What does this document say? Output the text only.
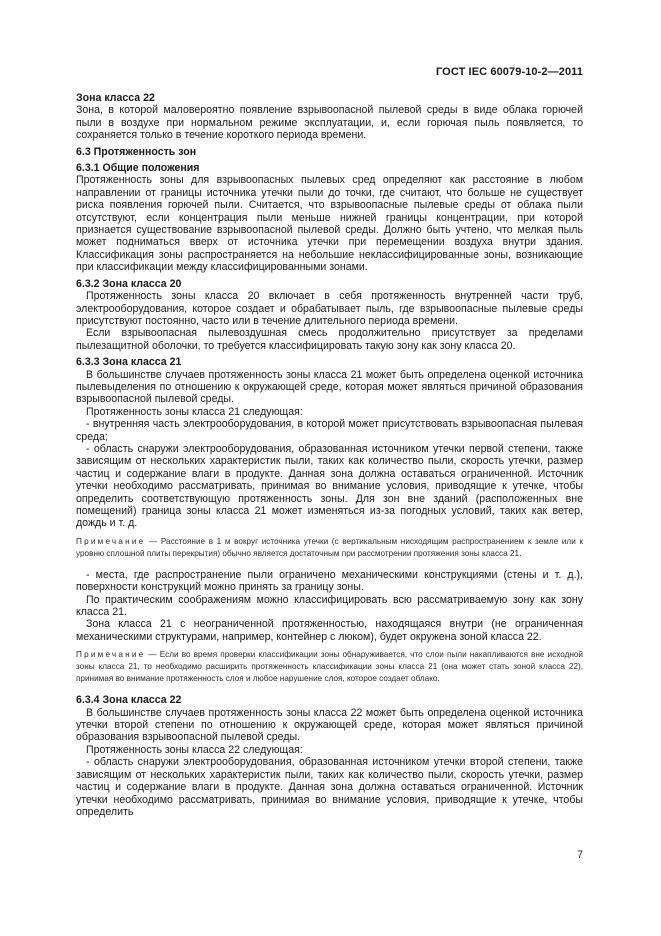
ГОСТ IEC 60079-10-2—2011
Зона класса 22

Зона, в которой маловероятно появление взрывоопасной пылевой среды в виде облака горючей пыли в воздухе при нормальном режиме эксплуатации, и, если горючая пыль появляется, то сохраняется только в течение короткого периода времени.

6.3 Протяженность зон
6.3.1 Общие положения

Протяженность зоны для взрывоопасных пылевых сред определяют как расстояние в любом направлении от границы источника утечки пыли до точки, где считают, что больше не существует риска появления горючей пыли. Считается, что взрывоопасные пылевые среды от облака пыли отсутствуют, если концентрация пыли меньше нижней границы концентрации, при которой признается существование взрывоопасной пылевой среды. Должно быть учтено, что мелкая пыль может подниматься вверх от источника утечки при перемещении воздуха внутри здания. Классификация зоны распространяется на небольшие неклассифицированные зоны, возникающие при классификации между классифицированными зонами.

6.3.2 Зона класса 20

Протяженность зоны класса 20 включает в себя протяженность внутренней части труб, электрооборудования, которое создает и обрабатывает пыль, где взрывоопасные пылевые среды присутствуют постоянно, часто или в течение длительного периода времени.

Если взрывоопасная пылевоздушная смесь продолжительно присутствует за пределами пылезащитной оболочки, то требуется классифицировать такую зону как зону класса 20.

6.3.3 Зона класса 21

В большинстве случаев протяженность зоны класса 21 может быть определена оценкой источника пылевыделения по отношению к окружающей среде, которая может являться причиной образования взрывоопасной пылевой среды.

Протяженность зоны класса 21 следующая:

- внутренняя часть электрооборудования, в которой может присутствовать взрывоопасная пылевая среда;

- область снаружи электрооборудования, образованная источником утечки первой степени, также зависящим от нескольких характеристик пыли, таких как количество пыли, скорость утечки, размер частиц и содержание влаги в продукте. Данная зона должна оставаться ограниченной. Источник утечки необходимо рассматривать, принимая во внимание условия, приводящие к утечке, чтобы определить соответствующую протяженность зоны. Для зон вне зданий (расположенных вне помещений) граница зоны класса 21 может изменяться из-за погодных условий, таких как ветер, дождь и т. д.

Примечание — Расстояние в 1 м вокруг источника утечки (с вертикальным нисходящим распространением к земле или к уровню сплошной плиты перекрытия) обычно является достаточным при рассмотрении протяжения зоны класса 21.

- места, где распространение пыли ограничено механическими конструкциями (стены и т. д.), поверхности конструкций можно принять за границу зоны.

По практическим соображениям можно классифицировать всю рассматриваемую зону как зону класса 21.

Зона класса 21 с неограниченной протяженностью, находящаяся внутри (не ограниченная механическими структурами, например, контейнер с люком), будет окружена зоной класса 22.

Примечание — Если во время проверки классификации зоны обнаруживается, что слои пыли накапливаются вне исходной зоны класса 21, то необходимо расширить протяженность классификации зоны класса 21 (она может стать зоной класса 22), принимая во внимание протяженность слоя и любое нарушение слоя, которое создает облако.
6.3.4 Зона класса 22

В большинстве случаев протяженность зоны класса 22 может быть определена оценкой источника утечки второй степени по отношению к окружающей среде, которая может являться причиной образования взрывоопасной пылевой среды.

Протяженность зоны класса 22 следующая:

- область снаружи электрооборудования, образованная источником утечки второй степени, также зависящим от нескольких характеристик пыли, таких как количество пыли, скорость утечки, размер частиц и содержание влаги в продукте. Данная зона должна оставаться ограниченной. Источник утечки необходимо рассматривать, принимая во внимание условия, приводящие к утечке, чтобы определить

7
